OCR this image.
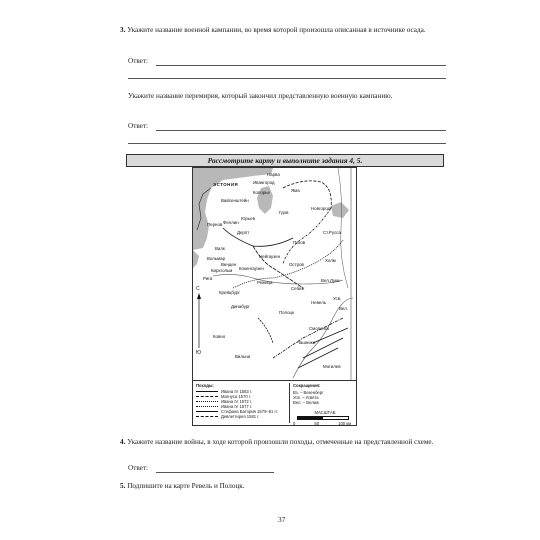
3. Укажите название военной кампании, во время которой произошла описанная в источнике осада.
Ответ:
Укажите название перемирия, который закончил представленную военную кампанию.
Ответ:
Рассмотрите карту и выполните задания 4, 5.
Нарва
Ивангород
Яма
Копорье
Гдов
Новгород
Юрьев
Феллин
Дерпт
Псков
Ст.Русса
Вайсенштейн
Пернов
Валк
Вольмар	Нейгаузен
Холм
Кокенгаузен
Остров
Рига
Венден
Кирхгольм
Режица
Себеж
Вел.Луки
Крейцбург
Невель
Динабург
Полоцк
Усв.
Вел.
Ковно
Смоленск
Чашники
Вильна
Могилев
ЭСТОНИЯ
С
Ю
Походы:
Ивана IV 1563 г.
Магнуса 1570 г.
Ивана IV 1572 г.
Ивана IV 1577 г.
Стефана Батория 1579–81 гг.
Девлетгирея 1581 г.
Сокращения:
Вз. – Везенберг
Усв. – Усвята
Вел. – Велиж
МАСШТАБ
0	50	100 км
4. Укажите название войны, в ходе которой произошли походы, отмеченные на представленной схеме.
Ответ:
5. Подпишите на карте Ревель и Полоцк.
37
